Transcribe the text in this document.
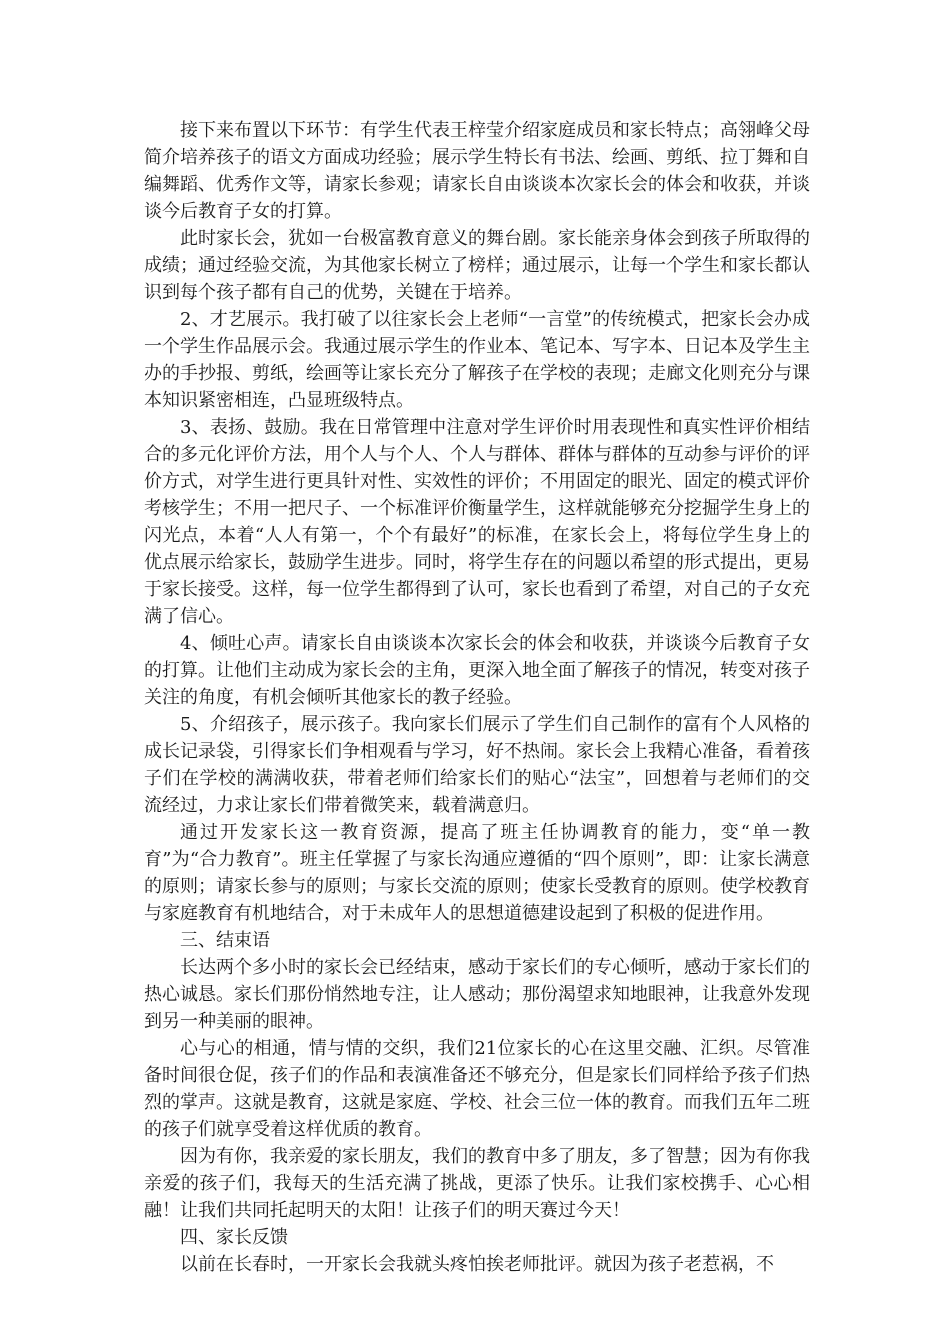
接下来布置以下环节：有学生代表王梓莹介绍家庭成员和家长特点；高翎峰父母简介培养孩子的语文方面成功经验；展示学生特长有书法、绘画、剪纸、拉丁舞和自编舞蹈、优秀作文等，请家长参观；请家长自由谈谈本次家长会的体会和收获，并谈谈今后教育子女的打算。

此时家长会，犹如一台极富教育意义的舞台剧。家长能亲身体会到孩子所取得的成绩；通过经验交流，为其他家长树立了榜样；通过展示，让每一个学生和家长都认识到每个孩子都有自己的优势，关键在于培养。

2、才艺展示。我打破了以往家长会上老师“一言堂”的传统模式，把家长会办成一个学生作品展示会。我通过展示学生的作业本、笔记本、写字本、日记本及学生主办的手抄报、剪纸，绘画等让家长充分了解孩子在学校的表现；走廊文化则充分与课本知识紧密相连，凸显班级特点。

3、表扬、鼓励。我在日常管理中注意对学生评价时用表现性和真实性评价相结合的多元化评价方法，用个人与个人、个人与群体、群体与群体的互动参与评价的评价方式，对学生进行更具针对性、实效性的评价；不用固定的眼光、固定的模式评价考核学生；不用一把尺子、一个标准评价衡量学生，这样就能够充分挖掘学生身上的闪光点，本着“人人有第一，个个有最好”的标准，在家长会上，将每位学生身上的优点展示给家长，鼓励学生进步。同时，将学生存在的问题以希望的形式提出，更易于家长接受。这样，每一位学生都得到了认可，家长也看到了希望，对自己的子女充满了信心。

4、倾吐心声。请家长自由谈谈本次家长会的体会和收获，并谈谈今后教育子女的打算。让他们主动成为家长会的主角，更深入地全面了解孩子的情况，转变对孩子关注的角度，有机会倾听其他家长的教子经验。

5、介绍孩子，展示孩子。我向家长们展示了学生们自己制作的富有个人风格的成长记录袋，引得家长们争相观看与学习，好不热闹。家长会上我精心准备，看着孩子们在学校的满满收获，带着老师们给家长们的贴心“法宝”，回想着与老师们的交流经过，力求让家长们带着微笑来，载着满意归。

通过开发家长这一教育资源，提高了班主任协调教育的能力，变“单一教育”为“合力教育”。班主任掌握了与家长沟通应遵循的“四个原则”，即：让家长满意的原则；请家长参与的原则；与家长交流的原则；使家长受教育的原则。使学校教育与家庭教育有机地结合，对于未成年人的思想道德建设起到了积极的促进作用。

三、结束语

长达两个多小时的家长会已经结束，感动于家长们的专心倾听，感动于家长们的热心诚恳。家长们那份悄然地专注，让人感动；那份渴望求知地眼神，让我意外发现到另一种美丽的眼神。

心与心的相通，情与情的交织，我们21位家长的心在这里交融、汇织。尽管准备时间很仓促，孩子们的作品和表演准备还不够充分，但是家长们同样给予孩子们热烈的掌声。这就是教育，这就是家庭、学校、社会三位一体的教育。而我们五年二班的孩子们就享受着这样优质的教育。

因为有你，我亲爱的家长朋友，我们的教育中多了朋友，多了智慧；因为有你我亲爱的孩子们，我每天的生活充满了挑战，更添了快乐。让我们家校携手、心心相融！让我们共同托起明天的太阳！让孩子们的明天赛过今天！

四、家长反馈

以前在长春时，一开家长会我就头疼怕挨老师批评。就因为孩子老惹祸，不
